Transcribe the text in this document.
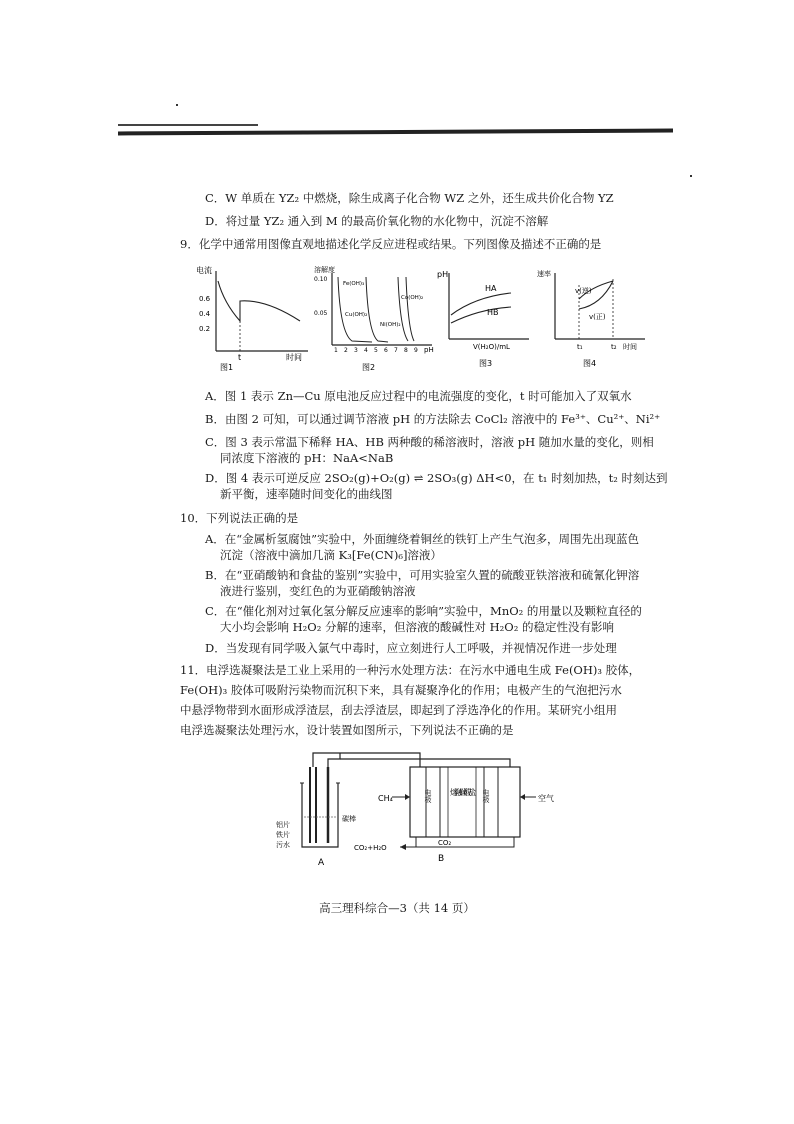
C．W 单质在 YZ₂ 中燃烧，除生成离子化合物 WZ 之外，还生成共价化合物 YZ
D．将过量 YZ₂ 通入到 M 的最高价氧化物的水化物中，沉淀不溶解
9．化学中通常用图像直观地描述化学反应进程或结果。下列图像及描述不正确的是
电流
0.6
0.4
0.2
t	时间
图1
溶解度
0.10
0.05
Fe(OH)₃
Cu(OH)₂
Co(OH)₂
Ni(OH)₂
1 2 3 4 5 6 7 8 9 pH
图2
pH
HA
HB
V(H₂O)/mL
图3
速率
v(逆)
v(正)
t₁	t₂ 时间
图4
A．图 1 表示 Zn—Cu 原电池反应过程中的电流强度的变化，t 时可能加入了双氧水
B．由图 2 可知，可以通过调节溶液 pH 的方法除去 CoCl₂ 溶液中的 Fe³⁺、Cu²⁺、Ni²⁺
C．图 3 表示常温下稀释 HA、HB 两种酸的稀溶液时，溶液 pH 随加水量的变化，则相
同浓度下溶液的 pH：NaA<NaB
D．图 4 表示可逆反应 2SO₂(g)+O₂(g) ⇌ 2SO₃(g) ΔH<0，在 t₁ 时刻加热，t₂ 时刻达到
新平衡，速率随时间变化的曲线图
10．下列说法正确的是
A．在“金属析氢腐蚀”实验中，外面缠绕着铜丝的铁钉上产生气泡多，周围先出现蓝色
沉淀（溶液中滴加几滴 K₃[Fe(CN)₆]溶液）
B．在“亚硝酸钠和食盐的鉴别”实验中，可用实验室久置的硫酸亚铁溶液和硫氰化钾溶
液进行鉴别，变红色的为亚硝酸钠溶液
C．在“催化剂对过氧化氢分解反应速率的影响”实验中，MnO₂ 的用量以及颗粒直径的
大小均会影响 H₂O₂ 分解的速率，但溶液的酸碱性对 H₂O₂ 的稳定性没有影响
D．当发现有同学吸入氯气中毒时，应立刻进行人工呼吸，并视情况作进一步处理
11．电浮选凝聚法是工业上采用的一种污水处理方法：在污水中通电生成 Fe(OH)₃ 胶体，
Fe(OH)₃ 胶体可吸附污染物而沉积下来，具有凝聚净化的作用；电极产生的气泡把污水
中悬浮物带到水面形成浮渣层，刮去浮渣层，即起到了浮选净化的作用。某研究小组用
电浮选凝聚法处理污水，设计装置如图所示，下列说法不正确的是
电极	电极
熔融碳酸盐
CH₄	空气
CO₂
CO₂+H₂O
铝片
铁片
污水
碳棒
A	B
高三理科综合—3（共 14 页）
